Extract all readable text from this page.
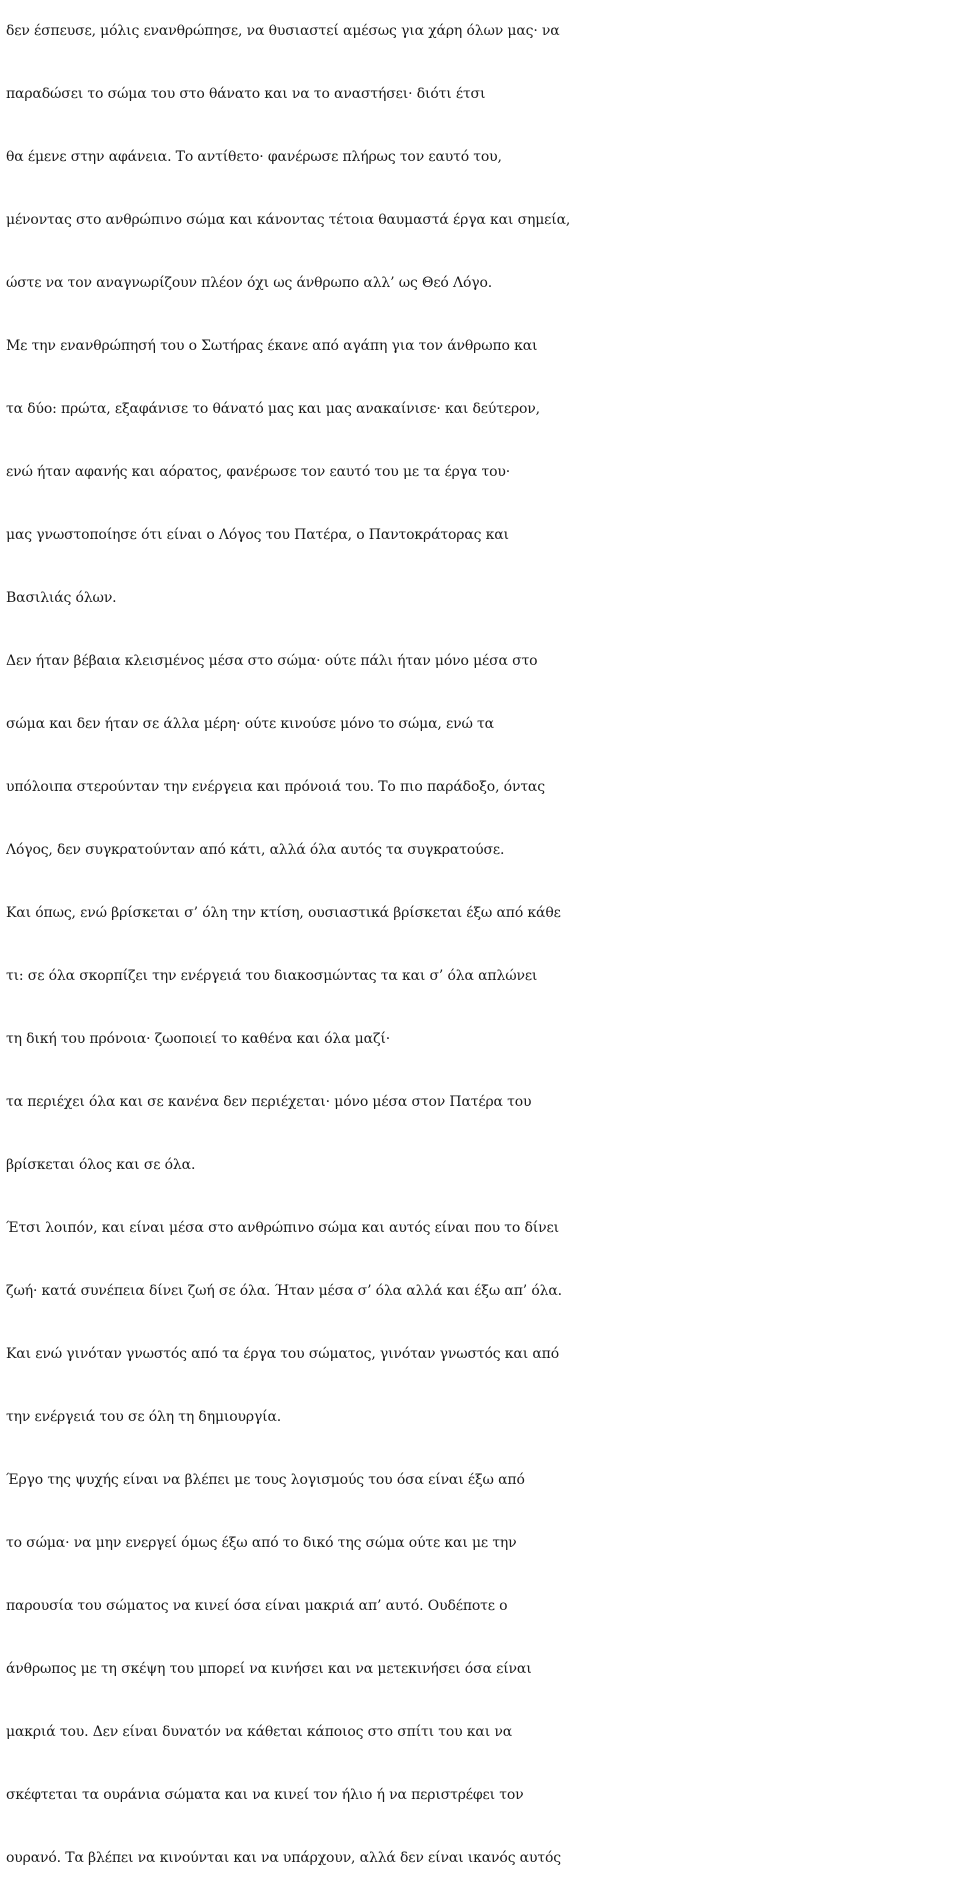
δεν έσπευσε, μόλις ενανθρώπησε, να θυσιαστεί αμέσως για χάρη όλων μας· να

παραδώσει το σώμα του στο θάνατο και να το αναστήσει· διότι έτσι

θα έμενε στην αφάνεια. Το αντίθετο· φανέρωσε πλήρως τον εαυτό του,

μένοντας στο ανθρώπινο σώμα και κάνοντας τέτοια θαυμαστά έργα και σημεία,

ώστε να τον αναγνωρίζουν πλέον όχι ως άνθρωπο αλλ’ ως Θεό Λόγο.

Με την ενανθρώπησή του ο Σωτήρας έκανε από αγάπη για τον άνθρωπο και

τα δύο: πρώτα, εξαφάνισε το θάνατό μας και μας ανακαίνισε· και δεύτερον,

ενώ ήταν αφανής και αόρατος, φανέρωσε τον εαυτό του με τα έργα του·

μας γνωστοποίησε ότι είναι ο Λόγος του Πατέρα, ο Παντοκράτορας και

Βασιλιάς όλων.

Δεν ήταν βέβαια κλεισμένος μέσα στο σώμα· ούτε πάλι ήταν μόνο μέσα στο

σώμα και δεν ήταν σε άλλα μέρη· ούτε κινούσε μόνο το σώμα, ενώ τα

υπόλοιπα στερούνταν την ενέργεια και πρόνοιά του. Το πιο παράδοξο, όντας

Λόγος, δεν συγκρατούνταν από κάτι, αλλά όλα αυτός τα συγκρατούσε.

Και όπως, ενώ βρίσκεται σ’ όλη την κτίση, ουσιαστικά βρίσκεται έξω από κάθε

τι: σε όλα σκορπίζει την ενέργειά του διακοσμώντας τα και σ’ όλα απλώνει

τη δική του πρόνοια· ζωοποιεί το καθένα και όλα μαζί·

τα περιέχει όλα και σε κανένα δεν περιέχεται· μόνο μέσα στον Πατέρα του

βρίσκεται όλος και σε όλα.

Έτσι λοιπόν, και είναι μέσα στο ανθρώπινο σώμα και αυτός είναι που το δίνει

ζωή· κατά συνέπεια δίνει ζωή σε όλα. Ήταν μέσα σ’ όλα αλλά και έξω απ’ όλα.

Και ενώ γινόταν γνωστός από τα έργα του σώματος, γινόταν γνωστός και από

την ενέργειά του σε όλη τη δημιουργία.

Έργο της ψυχής είναι να βλέπει με τους λογισμούς του όσα είναι έξω από

το σώμα· να μην ενεργεί όμως έξω από το δικό της σώμα ούτε και με την

παρουσία του σώματος να κινεί όσα είναι μακριά απ’ αυτό. Ουδέποτε ο

άνθρωπος με τη σκέψη του μπορεί να κινήσει και να μετεκινήσει όσα είναι

μακριά του. Δεν είναι δυνατόν να κάθεται κάποιος στο σπίτι του και να

σκέφτεται τα ουράνια σώματα και να κινεί τον ήλιο ή να περιστρέφει τον

ουρανό. Τα βλέπει να κινούνται και να υπάρχουν, αλλά δεν είναι ικανός αυτός
